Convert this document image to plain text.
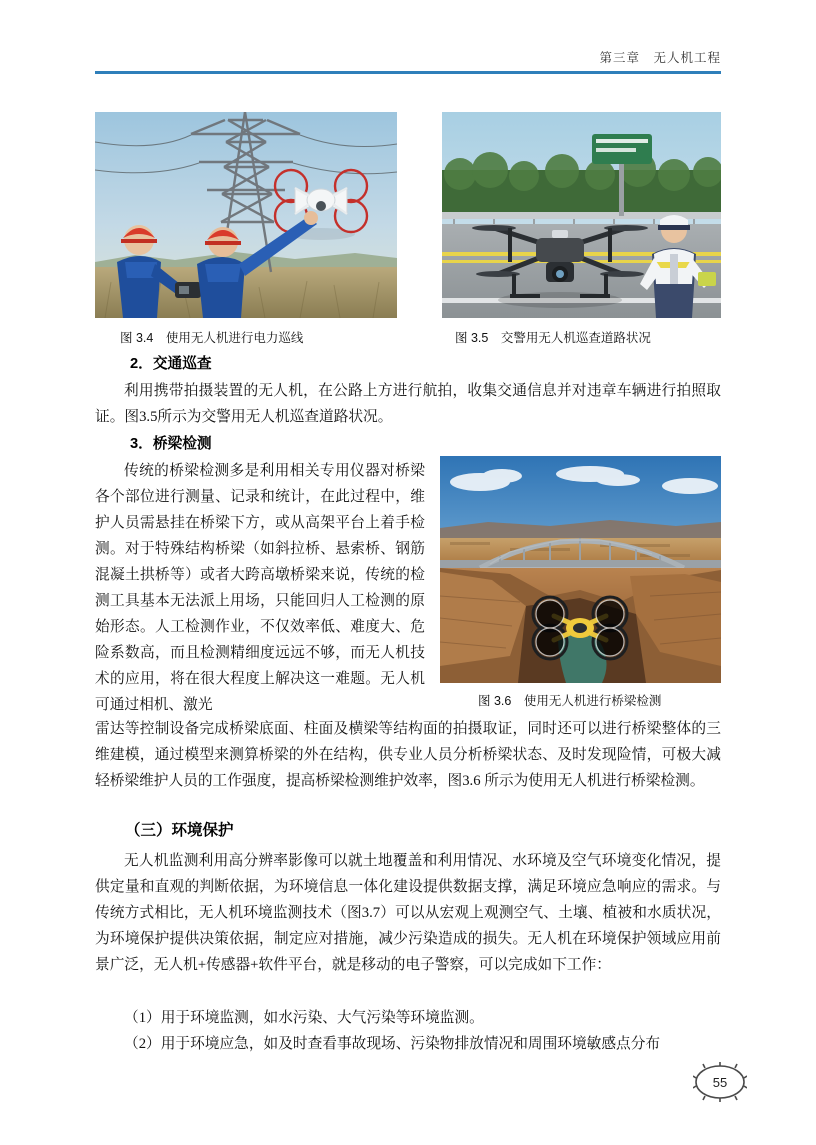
第三章　无人机工程
图 3.4　使用无人机进行电力巡线	图 3.5　交警用无人机巡查道路状况
2．交通巡查
利用携带拍摄装置的无人机，在公路上方进行航拍，收集交通信息并对违章车辆进行拍照取证。图3.5所示为交警用无人机巡查道路状况。
3．桥梁检测
传统的桥梁检测多是利用相关专用仪器对桥梁各个部位进行测量、记录和统计，在此过程中，维护人员需悬挂在桥梁下方，或从高架平台上着手检测。对于特殊结构桥梁（如斜拉桥、悬索桥、钢筋混凝土拱桥等）或者大跨高墩桥梁来说，传统的检测工具基本无法派上用场，只能回归人工检测的原始形态。人工检测作业，不仅效率低、难度大、危险系数高，而且检测精细度远远不够，而无人机技术的应用，将在很大程度上解决这一难题。无人机可通过相机、激光	图 3.6　使用无人机进行桥梁检测
雷达等控制设备完成桥梁底面、柱面及横梁等结构面的拍摄取证，同时还可以进行桥梁整体的三维建模，通过模型来测算桥梁的外在结构，供专业人员分析桥梁状态、及时发现险情，可极大减轻桥梁维护人员的工作强度，提高桥梁检测维护效率，图3.6 所示为使用无人机进行桥梁检测。
（三）环境保护
无人机监测利用高分辨率影像可以就土地覆盖和利用情况、水环境及空气环境变化情况，提供定量和直观的判断依据，为环境信息一体化建设提供数据支撑，满足环境应急响应的需求。与传统方式相比，无人机环境监测技术（图3.7）可以从宏观上观测空气、土壤、植被和水质状况，为环境保护提供决策依据，制定应对措施，减少污染造成的损失。无人机在环境保护领域应用前景广泛，无人机+传感器+软件平台，就是移动的电子警察，可以完成如下工作：
（1）用于环境监测，如水污染、大气污染等环境监测。
（2）用于环境应急，如及时查看事故现场、污染物排放情况和周围环境敏感点分布
55
